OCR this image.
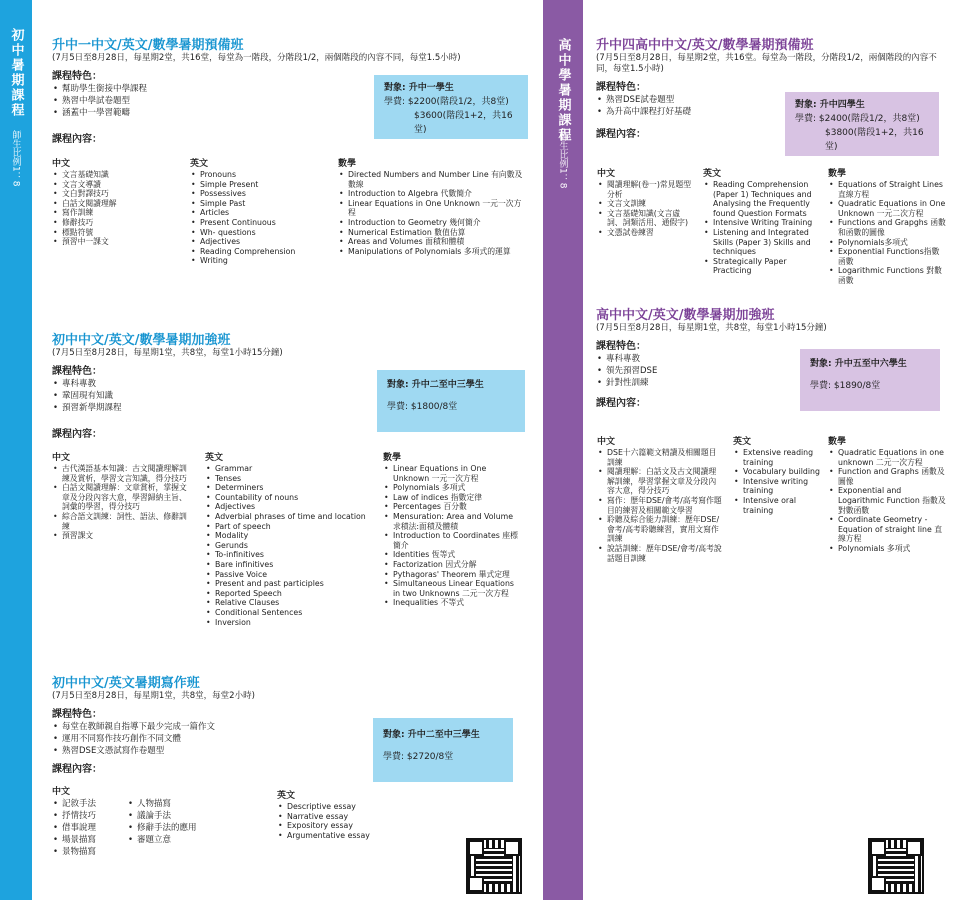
初中暑期課程
師生比例1：8
高中學暑期課程
師生比例1：8
升中一中文/英文/數學暑期預備班
(7月5日至8月28日，每星期2堂，共16堂，每堂為一階段，分階段1/2，兩個階段的內容不同，每堂1.5小時)
課程特色：
• 幫助學生銜接中學課程
• 熟習中學試卷題型
• 涵蓋中一學習範疇
課程內容：
對象: 升中一學生
學費: $2200(階段1/2，共8堂)
$3600(階段1+2，共16堂)
中文
• 文言基礎知識
• 文言文導讀
• 文白對譯技巧
• 白話文閱讀理解
• 寫作訓練
• 修辭技巧
• 標點符號
• 預習中一課文
英文
• Pronouns
• Simple Present
• Possessives
• Simple Past
• Articles
• Present Continuous
• Wh- questions
• Adjectives
• Reading Comprehension
• Writing
數學
• Directed Numbers and Number Line 有向數及數線
• Introduction to Algebra 代數簡介
• Linear Equations in One Unknown 一元一次方程
• Introduction to Geometry 幾何簡介
• Numerical Estimation 數值估算
• Areas and Volumes 面積和體積
• Manipulations of Polynomials 多項式的運算
初中中文/英文/數學暑期加強班
(7月5日至8月28日，每星期1堂，共8堂，每堂1小時15分鐘)
課程特色：
• 專科專教
• 鞏固現有知識
• 預習新學期課程
課程內容：
對象: 升中二至中三學生
學費: $1800/8堂
中文
• 古代漢語基本知識：古文閱讀理解訓練及賞析，學習文言知識，得分技巧
• 白話文閱讀理解：文章賞析，掌握文章及分段內容大意，學習歸納主旨、詞彙的學習，得分技巧
• 綜合語文訓練：詞性、語法、修辭訓練
• 預習課文
英文
• Grammar
• Tenses
• Determiners
• Countability of nouns
• Adjectives
• Adverbial phrases of time and location
• Part of speech
• Modality
• Gerunds
• To-infinitives
• Bare infinitives
• Passive Voice
• Present and past participles
• Reported Speech
• Relative Clauses
• Conditional Sentences
• Inversion
數學
• Linear Equations in One Unknown 一元一次方程
• Polynomials 多項式
• Law of indices 指數定律
• Percentages 百分數
• Mensuration: Area and Volume 求積法:面積及體積
• Introduction to Coordinates 座標簡介
• Identities 恆等式
• Factorization 因式分解
• Pythagoras' Theorem 畢式定理
• Simultaneous Linear Equations in two Unknowns 二元一次方程
• Inequalities 不等式
初中中文/英文暑期寫作班
(7月5日至8月28日，每星期1堂，共8堂，每堂2小時)
課程特色：
• 每堂在教師親自指導下最少完成一篇作文
• 運用不同寫作技巧創作不同文體
• 熟習DSE文憑試寫作卷題型
課程內容：
對象: 升中二至中三學生
學費: $2720/8堂
中文
• 記敘手法
• 抒情技巧
• 借事說理
• 場景描寫
• 景物描寫
• 人物描寫
• 議論手法
• 修辭手法的應用
• 審題立意
英文
• Descriptive essay
• Narrative essay
• Expository essay
• Argumentative essay
升中四高中中文/英文/數學暑期預備班
(7月5日至8月28日，每星期2堂，共16堂。每堂為一階段，分階段1/2，兩個階段的內容不同，每堂1.5小時)
課程特色：
• 熟習DSE試卷題型
• 為升高中課程打好基礎
課程內容：
對象: 升中四學生
學費: $2400(階段1/2，共8堂)
$3800(階段1+2，共16堂)
中文
• 閱讀理解(卷一)常見題型分析
• 文言文訓練
• 文言基礎知識(文言虛詞、詞類活用、通假字)
• 文憑試卷練習
英文
• Reading Comprehension (Paper 1) Techniques and Analysing the Frequently found Question Formats
• Intensive Writing Training
• Listening and Integrated Skills (Paper 3) Skills and techniques
• Strategically Paper Practicing
數學
• Equations of Straight Lines直線方程
• Quadratic Equations in One Unknown 一元二次方程
• Functions and Grapghs 函數和函數的圖像
• Polynomials多項式
• Exponential Functions指數函數
• Logarithmic Functions 對數函數
高中中文/英文/數學暑期加強班
(7月5日至8月28日，每星期1堂，共8堂，每堂1小時15分鐘)
課程特色：
• 專科專教
• 領先預習DSE
• 針對性訓練
課程內容：
對象: 升中五至中六學生
學費: $1890/8堂
中文
• DSE十六篇範文精讀及相關題目訓練
• 閱讀理解：白話文及古文閱讀理解訓練，學習掌握文章及分段內容大意，得分技巧
• 寫作：歷年DSE/會考/高考寫作題目的練習及相關範文學習
• 聆聽及綜合能力訓練：歷年DSE/會考/高考聆聽練習，實用文寫作訓練
• 說話訓練：歷年DSE/會考/高考說話題目訓練
英文
• Extensive reading training
• Vocabulary building
• Intensive writing training
• Intensive oral training
數學
• Quadratic Equations in one unknown 二元一次方程
• Function and Graphs 函數及圖像
• Exponential and Logarithmic Function 指數及對數函數
• Coordinate Geometry - Equation of straight line 直線方程
• Polynomials 多項式
